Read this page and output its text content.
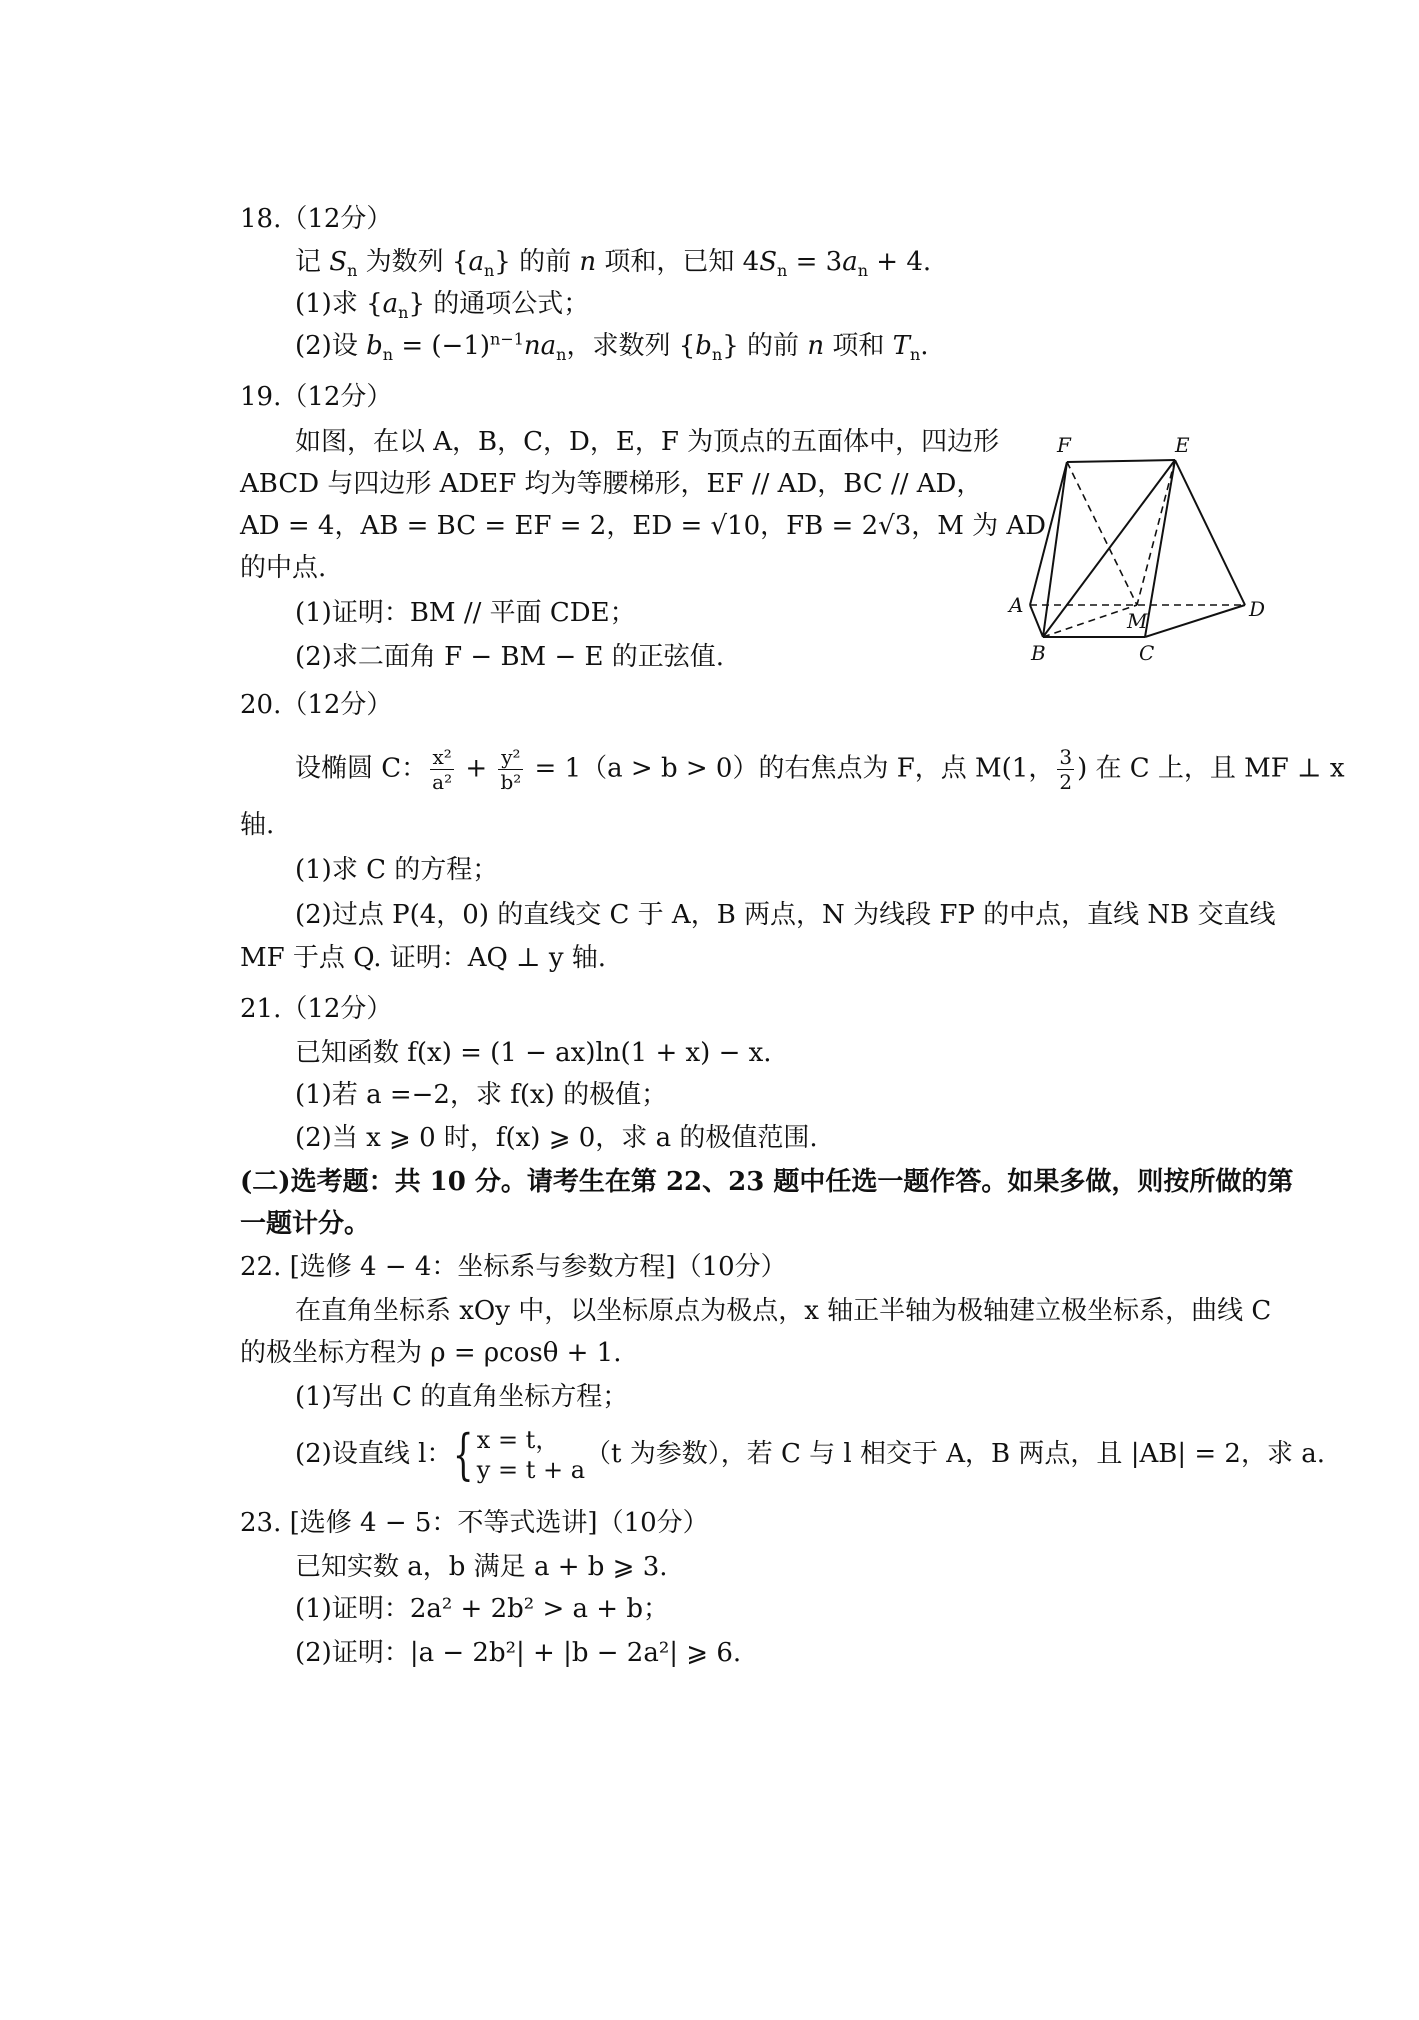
18.（12分）
记 $S_n$ 为数列 $\{a_n\}$ 的前 n 项和，已知 $4S_n = 3a_n + 4$.
(1)求 $\{a_n\}$ 的通项公式；
(2)设 $b_n = (-1)^{n-1}na_n$，求数列 $\{b_n\}$ 的前 n 项和 $T_n$.
19.（12分）
如图，在以 A，B，C，D，E，F 为顶点的五面体中，四边形
ABCD 与四边形 ADEF 均为等腰梯形，EF // AD，BC // AD，
AD = 4，AB = BC = EF = 2，ED = √10，FB = 2√3，M 为 AD
的中点.
(1)证明：BM // 平面 CDE；
(2)求二面角 F − BM − E 的正弦值.
F	E
A	D
M
B	C
20.（12分）
设椭圆 C： $\frac{\text{x²}}{\text{a²}} + \frac{\text{y²}}{\text{b²}} = 1(a > b > 0)$的右焦点为 F，点 M(1， $\frac{3}{2}$ ) 在 C 上，且 MF ⊥ x
轴.
(1)求 C 的方程；
(2)过点 P(4，0) 的直线交 C 于 A，B 两点，N 为线段 FP 的中点，直线 NB 交直线
MF 于点 Q. 证明：AQ ⊥ y 轴.
21.（12分）
已知函数 f(x) = (1 − ax)ln(1 + x) − x.
(1)若 a =−2，求 f(x) 的极值；
(2)当 x ⩾ 0 时，f(x) ⩾ 0，求 a 的极值范围.
(二)选考题：共 10 分。请考生在第 22、23 题中任选一题作答。如果多做，则按所做的第
一题计分。
22. [选修 4 − 4：坐标系与参数方程]（10分）
在直角坐标系 xOy 中，以坐标原点为极点，x 轴正半轴为极轴建立极坐标系，曲线 C
的极坐标方程为 ρ = ρcosθ + 1.
(1)写出 C 的直角坐标方程；
(2)设直线 l：{ x = t，
y = t + a
（t 为参数），若 C 与 l 相交于 A，B 两点，且 |AB| = 2，求 a.
23. [选修 4 − 5：不等式选讲]（10分）
已知实数 a，b 满足 a + b ⩾ 3.
(1)证明：2a² + 2b² > a + b；
(2)证明：|a − 2b²| + |b − 2a²| ⩾ 6.
